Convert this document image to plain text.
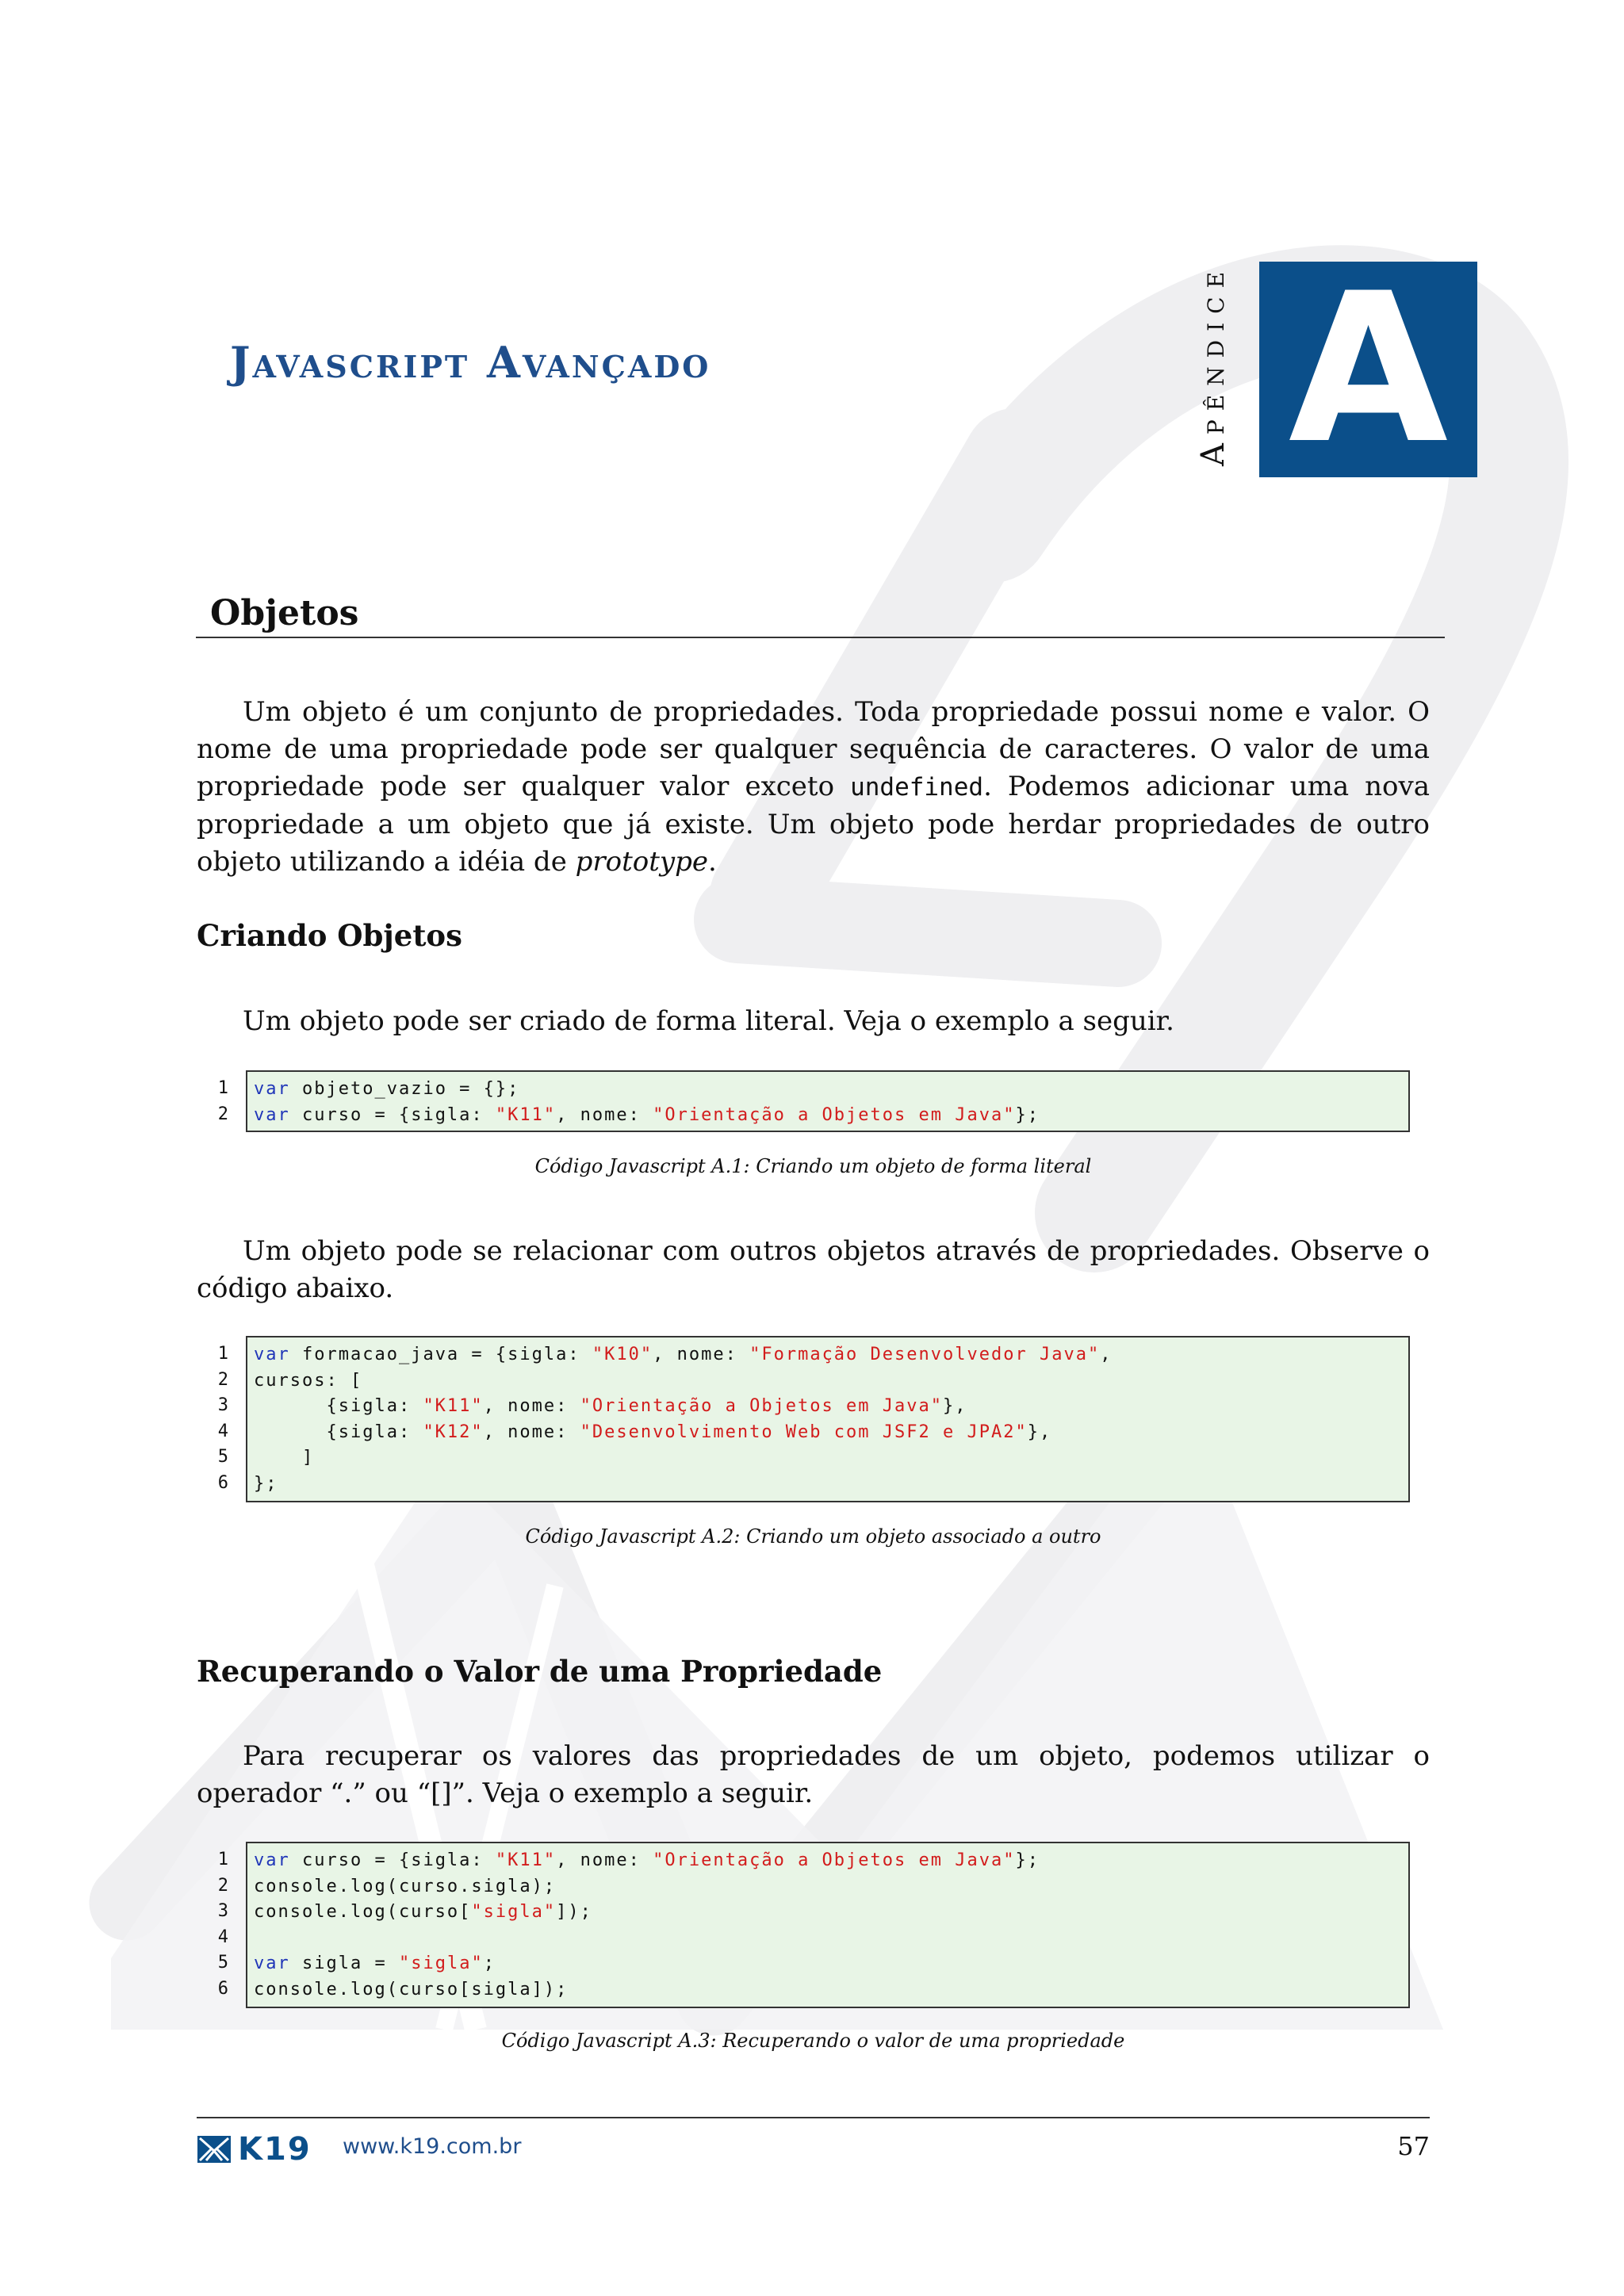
Javascript Avançado	Apêndice A
Objetos

Um objeto é um conjunto de propriedades. Toda propriedade possui nome e valor. O nome de uma propriedade pode ser qualquer sequência de caracteres. O valor de uma propriedade pode ser qualquer valor exceto undefined. Podemos adicionar uma nova propriedade a um objeto que já existe. Um objeto pode herdar propriedades de outro objeto utilizando a idéia de prototype.

Criando Objetos

Um objeto pode ser criado de forma literal. Veja o exemplo a seguir.

1
2
var objeto_vazio = {};
var curso = {sigla: "K11", nome: "Orientação a Objetos em Java"};

Código Javascript A.1: Criando um objeto de forma literal

Um objeto pode se relacionar com outros objetos através de propriedades. Observe o código abaixo.

1
2
3
4
5
6
var formacao_java = {sigla: "K10", nome: "Formação Desenvolvedor Java",
cursos: [
{sigla: "K11", nome: "Orientação a Objetos em Java"},
{sigla: "K12", nome: "Desenvolvimento Web com JSF2 e JPA2"},
]
};

Código Javascript A.2: Criando um objeto associado a outro

Recuperando o Valor de uma Propriedade

Para recuperar os valores das propriedades de um objeto, podemos utilizar o operador “.” ou “[]”. Veja o exemplo a seguir.

1
2
3
4
5
6
var curso = {sigla: "K11", nome: "Orientação a Objetos em Java"};
console.log(curso.sigla);
console.log(curso["sigla"]);

var sigla = "sigla";
console.log(curso[sigla]);

Código Javascript A.3: Recuperando o valor de uma propriedade

K19 www.k19.com.br	57
